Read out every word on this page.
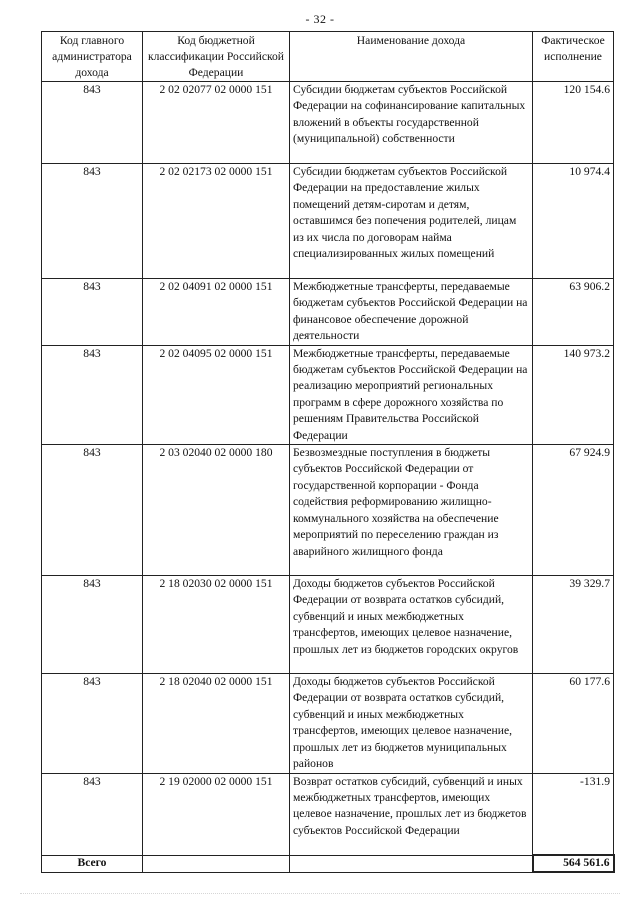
- 32 -
Код главного администратора дохода	Код бюджетной классификации Российской Федерации	Наименование дохода	Фактическое исполнение
843	2 02 02077 02 0000 151	Субсидии бюджетам субъектов Российской Федерации на софинансирование капитальных вложений в объекты государственной (муниципальной) собственности	120 154.6
843	2 02 02173 02 0000 151	Субсидии бюджетам субъектов Российской Федерации на предоставление жилых помещений детям-сиротам и детям, оставшимся без попечения родителей, лицам из их числа по договорам найма специализированных жилых помещений	10 974.4
843	2 02 04091 02 0000 151	Межбюджетные трансферты, передаваемые бюджетам субъектов Российской Федерации на финансовое обеспечение дорожной деятельности	63 906.2
843	2 02 04095 02 0000 151	Межбюджетные трансферты, передаваемые бюджетам субъектов Российской Федерации на реализацию мероприятий региональных программ в сфере дорожного хозяйства по решениям Правительства Российской Федерации	140 973.2
843	2 03 02040 02 0000 180	Безвозмездные поступления в бюджеты субъектов Российской Федерации от государственной корпорации - Фонда содействия реформированию жилищно-коммунального хозяйства на обеспечение мероприятий по переселению граждан из аварийного жилищного фонда	67 924.9
843	2 18 02030 02 0000 151	Доходы бюджетов субъектов Российской Федерации от возврата остатков субсидий, субвенций и иных межбюджетных трансфертов, имеющих целевое назначение, прошлых лет из бюджетов городских округов	39 329.7
843	2 18 02040 02 0000 151	Доходы бюджетов субъектов Российской Федерации от возврата остатков субсидий, субвенций и иных межбюджетных трансфертов, имеющих целевое назначение, прошлых лет из бюджетов муниципальных районов	60 177.6
843	2 19 02000 02 0000 151	Возврат остатков субсидий, субвенций и иных межбюджетных трансфертов, имеющих целевое назначение, прошлых лет из бюджетов субъектов Российской Федерации	-131.9
Всего			564 561.6
